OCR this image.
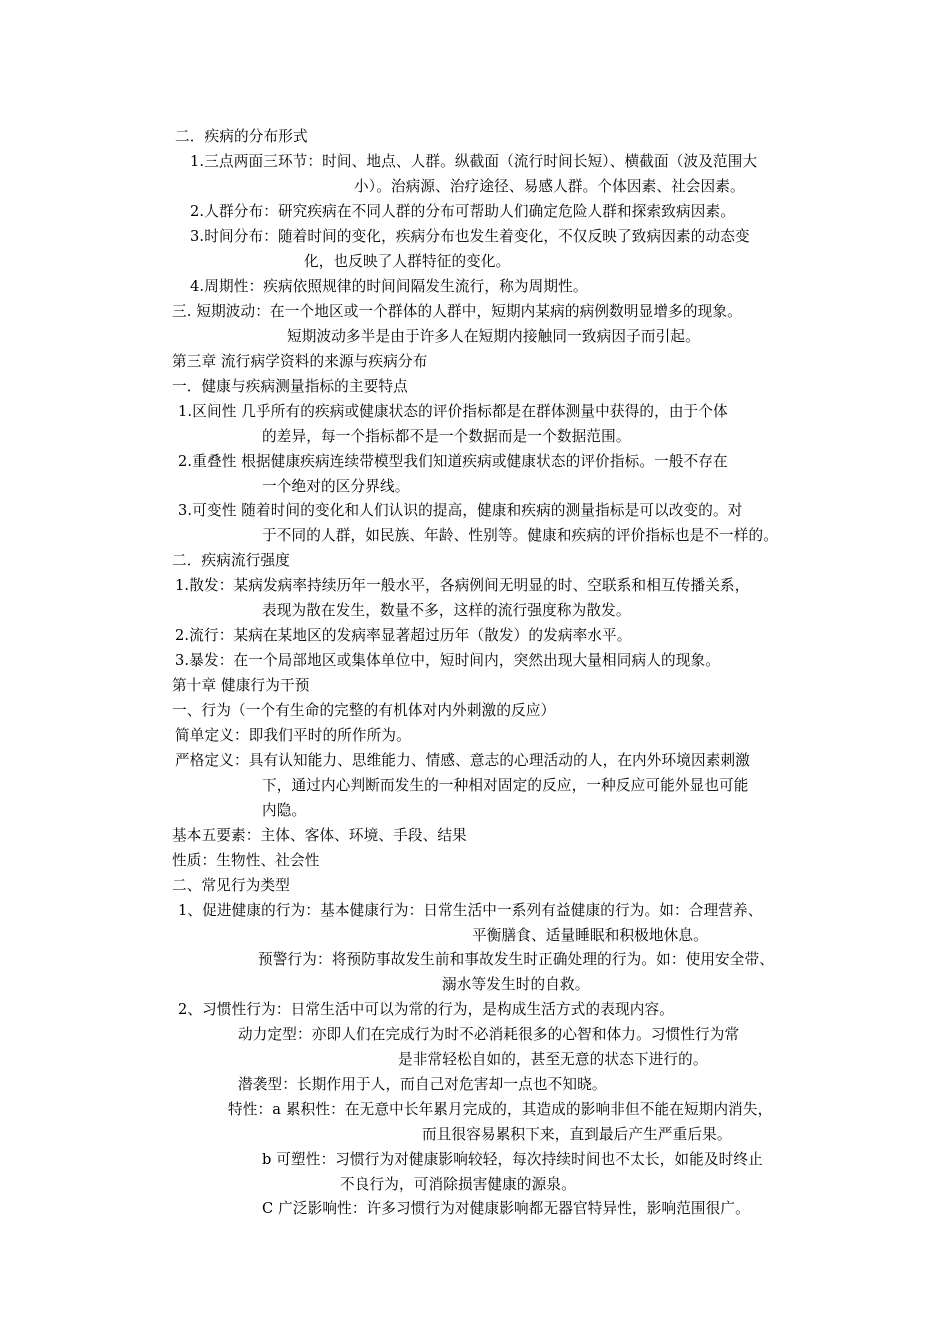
二．疾病的分布形式
1.三点两面三环节：时间、地点、人群。纵截面（流行时间长短）、横截面（波及范围大
小）。治病源、治疗途径、易感人群。个体因素、社会因素。
2.人群分布：研究疾病在不同人群的分布可帮助人们确定危险人群和探索致病因素。
3.时间分布：随着时间的变化，疾病分布也发生着变化，不仅反映了致病因素的动态变
化，也反映了人群特征的变化。
4.周期性：疾病依照规律的时间间隔发生流行，称为周期性。
三. 短期波动：在一个地区或一个群体的人群中，短期内某病的病例数明显增多的现象。
短期波动多半是由于许多人在短期内接触同一致病因子而引起。
第三章 流行病学资料的来源与疾病分布
一．健康与疾病测量指标的主要特点
1.区间性 几乎所有的疾病或健康状态的评价指标都是在群体测量中获得的，由于个体
的差异，每一个指标都不是一个数据而是一个数据范围。
2.重叠性 根据健康疾病连续带模型我们知道疾病或健康状态的评价指标。一般不存在
一个绝对的区分界线。
3.可变性 随着时间的变化和人们认识的提高，健康和疾病的测量指标是可以改变的。对
于不同的人群，如民族、年龄、性别等。健康和疾病的评价指标也是不一样的。
二．疾病流行强度
1.散发：某病发病率持续历年一般水平，各病例间无明显的时、空联系和相互传播关系，
表现为散在发生，数量不多，这样的流行强度称为散发。
2.流行：某病在某地区的发病率显著超过历年（散发）的发病率水平。
3.暴发：在一个局部地区或集体单位中，短时间内，突然出现大量相同病人的现象。
第十章 健康行为干预
一、行为（一个有生命的完整的有机体对内外刺激的反应）
简单定义：即我们平时的所作所为。
严格定义：具有认知能力、思维能力、情感、意志的心理活动的人，在内外环境因素刺激
下，通过内心判断而发生的一种相对固定的反应，一种反应可能外显也可能
内隐。
基本五要素：主体、客体、环境、手段、结果
性质：生物性、社会性
二、常见行为类型
1、促进健康的行为：基本健康行为：日常生活中一系列有益健康的行为。如：合理营养、
平衡膳食、适量睡眠和积极地休息。
预警行为：将预防事故发生前和事故发生时正确处理的行为。如：使用安全带、
溺水等发生时的自救。
2、习惯性行为：日常生活中可以为常的行为，是构成生活方式的表现内容。
动力定型：亦即人们在完成行为时不必消耗很多的心智和体力。习惯性行为常
是非常轻松自如的，甚至无意的状态下进行的。
潜袭型：长期作用于人，而自己对危害却一点也不知晓。
特性：a 累积性：在无意中长年累月完成的，其造成的影响非但不能在短期内消失，
而且很容易累积下来，直到最后产生严重后果。
b 可塑性：习惯行为对健康影响较轻，每次持续时间也不太长，如能及时终止
不良行为，可消除损害健康的源泉。
C 广泛影响性：许多习惯行为对健康影响都无器官特异性，影响范围很广。
